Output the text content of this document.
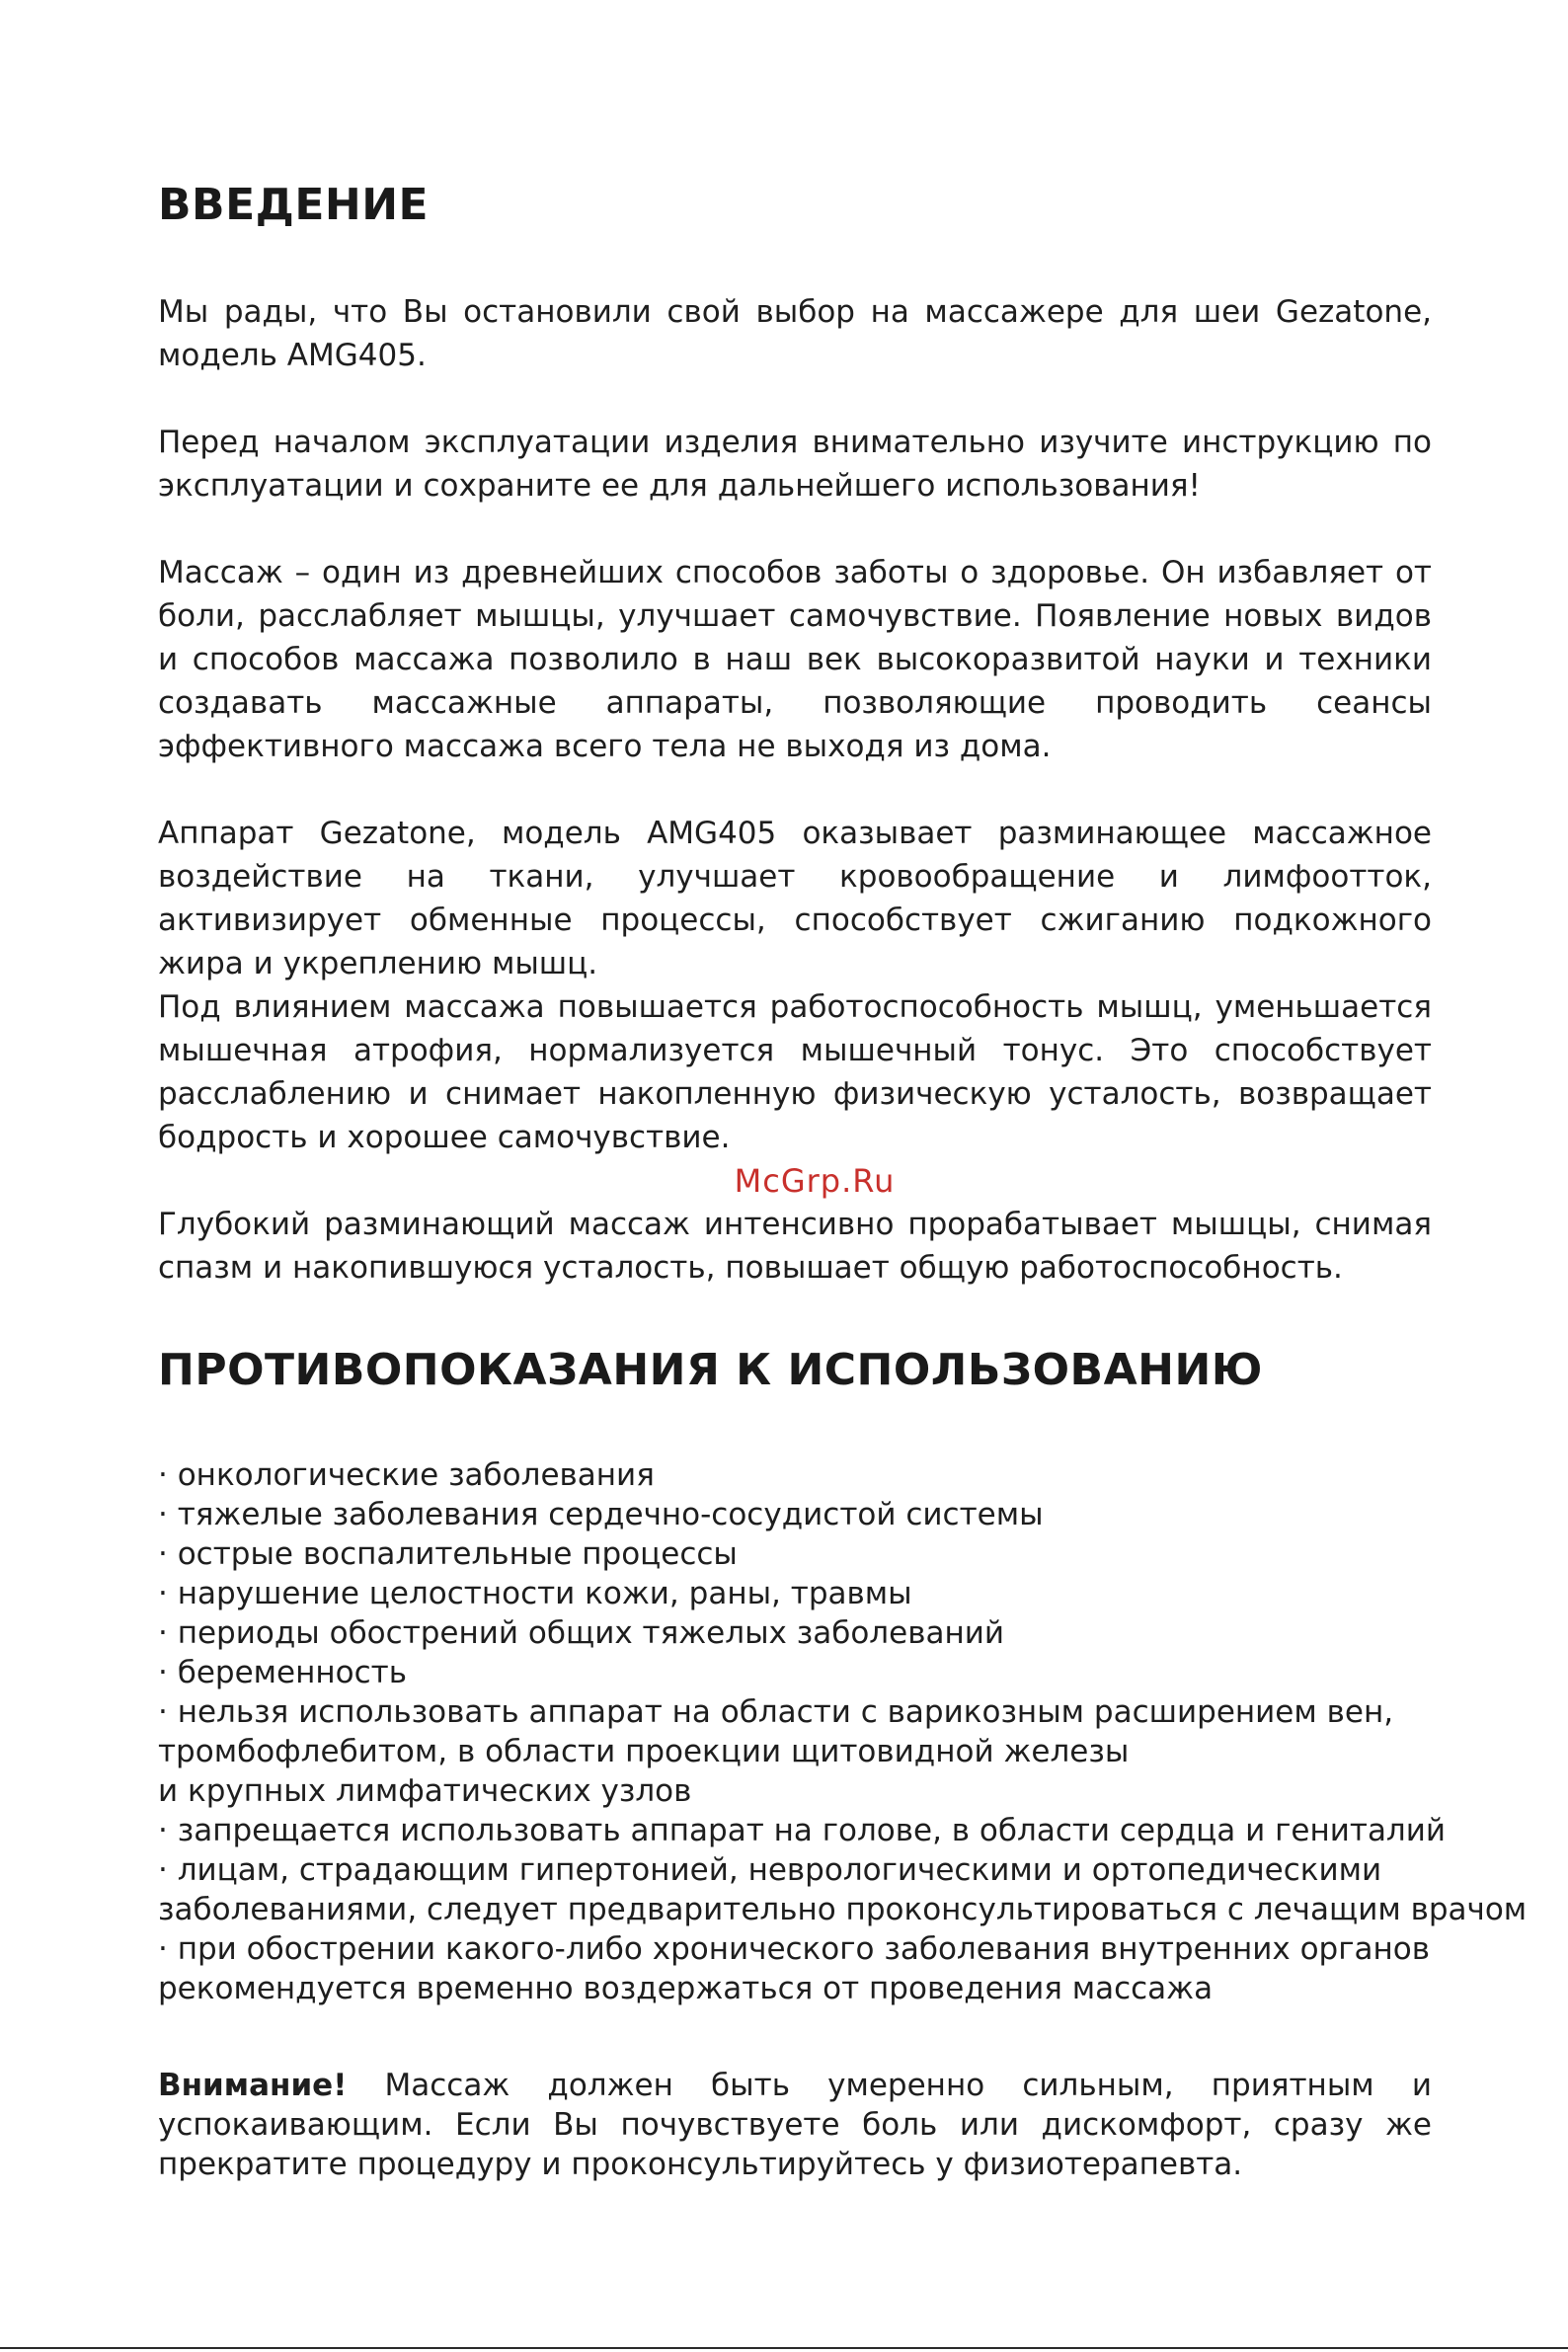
ВВЕДЕНИЕ

Мы рады, что Вы остановили свой выбор на массажере для шеи Gezatone, модель AMG405.

Перед началом эксплуатации изделия внимательно изучите инструкцию по эксплуатации и сохраните ее для дальнейшего использования!

Массаж – один из древнейших способов заботы о здоровье. Он избавляет от боли, расслабляет мышцы, улучшает самочувствие. Появление новых видов и способов массажа позволило в наш век высокоразвитой науки и техники создавать массажные аппараты, позволяющие проводить сеансы эффективного массажа всего тела не выходя из дома.

Аппарат Gezatone, модель AMG405 оказывает разминающее массажное воздействие на ткани, улучшает кровообращение и лимфоотток, активизирует обменные процессы, способствует сжиганию подкожного жира и укреплению мышц.

Под влиянием массажа повышается работоспособность мышц, уменьшается мышечная атрофия, нормализуется мышечный тонус. Это способствует расслаблению и снимает накопленную физическую усталость, возвращает бодрость и хорошее самочувствие.

McGrp.Ru

Глубокий разминающий массаж интенсивно прорабатывает мышцы, снимая спазм и накопившуюся усталость, повышает общую работоспособность.

ПРОТИВОПОКАЗАНИЯ К ИСПОЛЬЗОВАНИЮ
· онкологические заболевания
· тяжелые заболевания сердечно-сосудистой системы
· острые воспалительные процессы
· нарушение целостности кожи, раны, травмы
· периоды обострений общих тяжелых заболеваний
· беременность
· нельзя использовать аппарат на области с варикозным расширением вен,
тромбофлебитом, в области проекции щитовидной железы
и крупных лимфатических узлов
· запрещается использовать аппарат на голове, в области сердца и гениталий
· лицам, страдающим гипертонией, неврологическими и ортопедическими
заболеваниями, следует предварительно проконсультироваться с лечащим врачом
· при обострении какого-либо хронического заболевания внутренних органов
рекомендуется временно воздержаться от проведения массажа

Внимание! Массаж должен быть умеренно сильным, приятным и успокаивающим. Если Вы почувствуете боль или дискомфорт, сразу же прекратите процедуру и проконсультируйтесь у физиотерапевта.
